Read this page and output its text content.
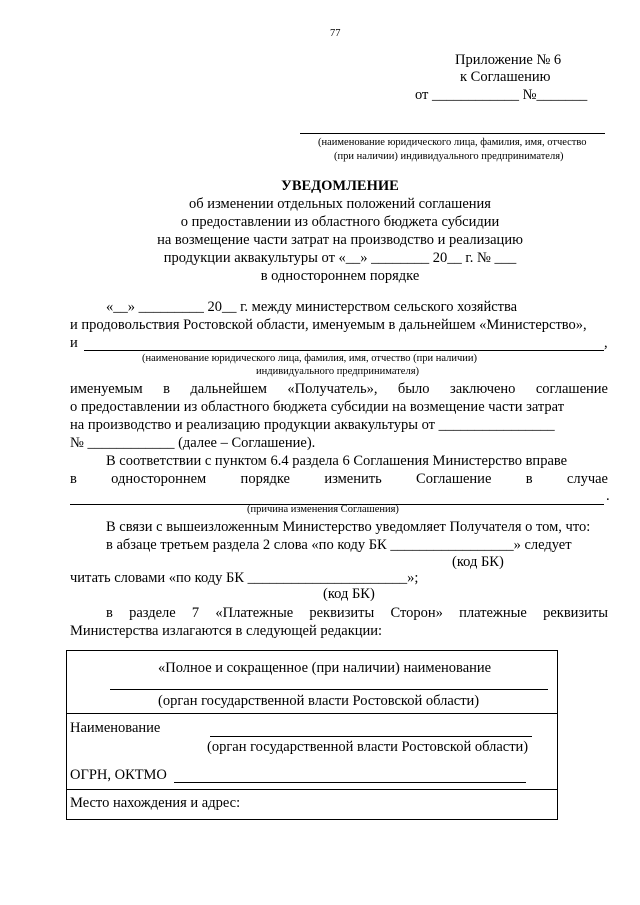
77
Приложение № 6
к Соглашению
от ____________ №_______
(наименование юридического лица, фамилия, имя, отчество
(при наличии) индивидуального предпринимателя)
УВЕДОМЛЕНИЕ
об изменении отдельных положений соглашения
о предоставлении из областного бюджета субсидии
на возмещение части затрат на производство и реализацию
продукции аквакультуры от «__» ________ 20__ г. № ___
в одностороннем порядке
«__» _________ 20__ г. между министерством сельского хозяйства
и продовольствия Ростовской области, именуемым в дальнейшем «Министерство»,
и	,
(наименование юридического лица, фамилия, имя, отчество (при наличии)
индивидуального предпринимателя)
именуемым в дальнейшем «Получатель», было заключено соглашение
о предоставлении из областного бюджета субсидии на возмещение части затрат
на производство и реализацию продукции аквакультуры от ________________
№ ____________ (далее – Соглашение).
В соответствии с пунктом 6.4 раздела 6 Соглашения Министерство вправе
в одностороннем порядке изменить Соглашение в случае
.
(причина изменения Соглашения)
В связи с вышеизложенным Министерство уведомляет Получателя о том, что:
в абзаце третьем раздела 2 слова «по коду БК _________________» следует
(код БК)
читать словами «по коду БК ______________________»;
(код БК)
в разделе 7 «Платежные реквизиты Сторон» платежные реквизиты
Министерства излагаются в следующей редакции:
«Полное и сокращенное (при наличии) наименование
(орган государственной власти Ростовской области)
Наименование
(орган государственной власти Ростовской области)
ОГРН, ОКТМО
Место нахождения и адрес:
